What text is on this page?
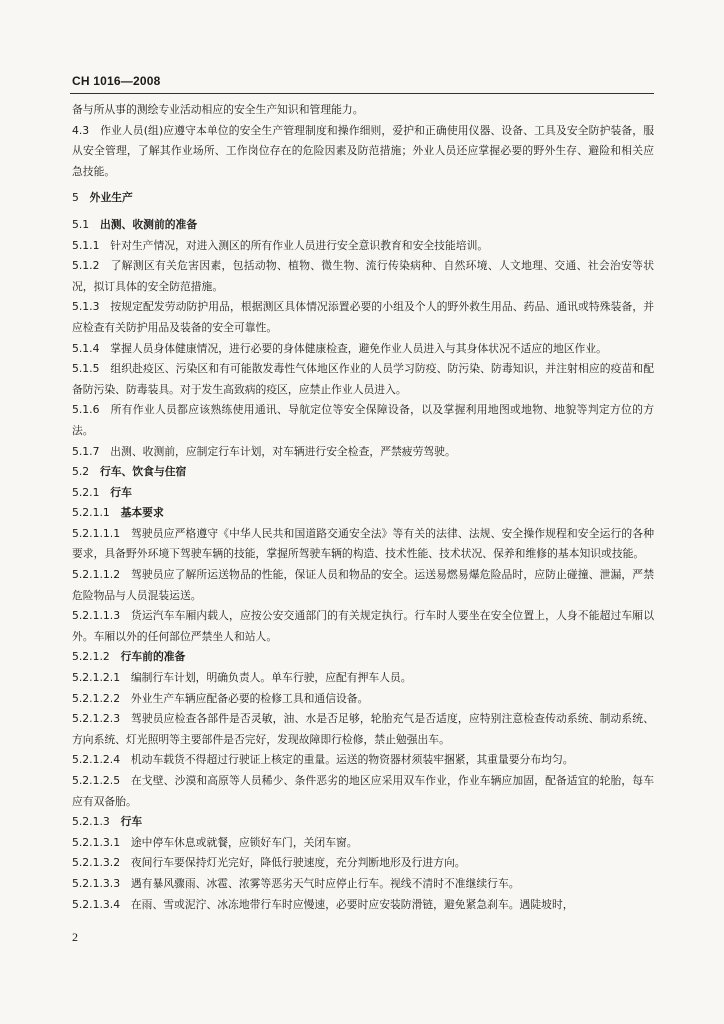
CH 1016—2008
备与所从事的测绘专业活动相应的安全生产知识和管理能力。
4.3 作业人员(组)应遵守本单位的安全生产管理制度和操作细则，爱护和正确使用仪器、设备、工具及安全防护装备，服从安全管理，了解其作业场所、工作岗位存在的危险因素及防范措施；外业人员还应掌握必要的野外生存、避险和相关应急技能。
5 外业生产
5.1 出测、收测前的准备
5.1.1 针对生产情况，对进入测区的所有作业人员进行安全意识教育和安全技能培训。
5.1.2 了解测区有关危害因素，包括动物、植物、微生物、流行传染病种、自然环境、人文地理、交通、社会治安等状况，拟订具体的安全防范措施。
5.1.3 按规定配发劳动防护用品，根据测区具体情况添置必要的小组及个人的野外救生用品、药品、通讯或特殊装备，并应检查有关防护用品及装备的安全可靠性。
5.1.4 掌握人员身体健康情况，进行必要的身体健康检查，避免作业人员进入与其身体状况不适应的地区作业。
5.1.5 组织赴疫区、污染区和有可能散发毒性气体地区作业的人员学习防疫、防污染、防毒知识，并注射相应的疫苗和配备防污染、防毒装具。对于发生高致病的疫区，应禁止作业人员进入。
5.1.6 所有作业人员都应该熟练使用通讯、导航定位等安全保障设备，以及掌握利用地图或地物、地貌等判定方位的方法。
5.1.7 出测、收测前，应制定行车计划，对车辆进行安全检查，严禁疲劳驾驶。
5.2 行车、饮食与住宿
5.2.1 行车
5.2.1.1 基本要求
5.2.1.1.1 驾驶员应严格遵守《中华人民共和国道路交通安全法》等有关的法律、法规、安全操作规程和安全运行的各种要求，具备野外环境下驾驶车辆的技能，掌握所驾驶车辆的构造、技术性能、技术状况、保养和维修的基本知识或技能。
5.2.1.1.2 驾驶员应了解所运送物品的性能，保证人员和物品的安全。运送易燃易爆危险品时，应防止碰撞、泄漏，严禁危险物品与人员混装运送。
5.2.1.1.3 货运汽车车厢内载人，应按公安交通部门的有关规定执行。行车时人要坐在安全位置上，人身不能超过车厢以外。车厢以外的任何部位严禁坐人和站人。
5.2.1.2 行车前的准备
5.2.1.2.1 编制行车计划，明确负责人。单车行驶，应配有押车人员。
5.2.1.2.2 外业生产车辆应配备必要的检修工具和通信设备。
5.2.1.2.3 驾驶员应检查各部件是否灵敏，油、水是否足够，轮胎充气是否适度，应特别注意检查传动系统、制动系统、方向系统、灯光照明等主要部件是否完好，发现故障即行检修，禁止勉强出车。
5.2.1.2.4 机动车载货不得超过行驶证上核定的重量。运送的物资器材须装牢捆紧，其重量要分布均匀。
5.2.1.2.5 在戈壁、沙漠和高原等人员稀少、条件恶劣的地区应采用双车作业，作业车辆应加固，配备适宜的轮胎，每车应有双备胎。
5.2.1.3 行车
5.2.1.3.1 途中停车休息或就餐，应锁好车门，关闭车窗。
5.2.1.3.2 夜间行车要保持灯光完好，降低行驶速度，充分判断地形及行进方向。
5.2.1.3.3 遇有暴风骤雨、冰雹、浓雾等恶劣天气时应停止行车。视线不清时不准继续行车。
5.2.1.3.4 在雨、雪或泥泞、冰冻地带行车时应慢速，必要时应安装防滑链，避免紧急刹车。遇陡坡时，
2
